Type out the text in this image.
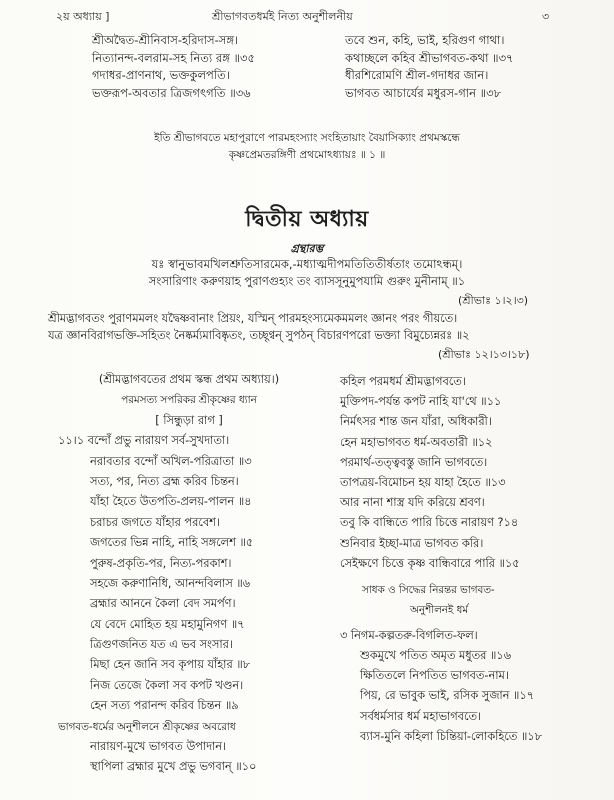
২য় অধ্যায় ]	শ্রীভাগবতধর্মই নিত্য অনুশীলনীয়	৩
শ্রীঅদ্বৈত-শ্রীনিবাস-হরিদাস-সঙ্গ।
নিত্যানন্দ-বলরাম-সহ নিত্য রঙ্গ ॥৩৫
গদাধর-প্রাণনাথ, ভক্তকুলপতি।
ভক্তরূপ-অবতার ত্রিজগৎগতি ॥৩৬
তবে শুন, কহি, ভাই, হরিগুণ গাথা।
কথাচ্ছলে কহিব শ্রীভাগবত-কথা ॥৩৭
ধীরশিরোমণি শ্রীল-গদাধর জান।
ভাগবত আচার্যের মধুরস-গান ॥৩৮
ইতি শ্রীভাগবতে মহাপুরাণে পারমহংস্যাং সংহিতায়াং বৈয়াসিক্যাং প্রথমস্কন্ধে
কৃষ্ণপ্রেমতরঙ্গিণী প্রথমোঽধ্যায়ঃ ॥ ১ ॥
দ্বিতীয় অধ্যায়
গ্রন্থারম্ভ
যঃ স্বানুভাবমখিলশ্রুতিসারমেক,-মধ্যাত্মদীপমতিতিতীর্ষতাং তমোঽন্ধম্।
সংসারিণাং করুণয়াহ পুরাণগুহ্যং তং ব্যাসসূনুমুপযামি গুরুং মুনীনাম্ ॥১
(শ্রীভাঃ ১।২।৩)
শ্রীমদ্ভাগবতং পুরাণমমলং যদ্বৈষ্ণবানাং প্রিয়ং, যস্মিন্ পারমহংস্যমেকমমলং জ্ঞানং পরং গীয়তে।
যত্র জ্ঞানবিরাগভক্তি-সহিতং নৈষ্কর্ম্যমাবিষ্কৃতং, তচ্ছৃণ্বন্ সুপঠন্ বিচারণপরো ভক্ত্যা বিমুচ্যেন্নরঃ ॥২
(শ্রীভাঃ ১২।১৩।১৮)
(শ্রীমদ্ভাগবতের প্রথম স্কন্ধ প্রথম অধ্যায়।)
পরমসত্য সপরিকর শ্রীকৃষ্ণের ধ্যান
[ সিন্ধুড়া রাগ ]
১১।১ বন্দোঁ প্রভু নারায়ণ সর্ব-সুখদাতা।
নরাবতার বন্দোঁ অখিল-পরিত্রাতা ॥৩
সত্য, পর, নিত্য ব্রহ্ম করিব চিন্তন।
যাঁহা হৈতে উতপতি-প্রলয়-পালন ॥৪
চরাচর জগতে যাঁহার পরবেশ।
জগতের ভিন্ন নাহি, নাহি সঙ্গলেশ ॥৫
পুরুষ-প্রকৃতি-পর, নিত্য-পরকাশ।
সহজে করুণানিধি, আনন্দবিলাস ॥৬
ব্রহ্মার আননে কৈলা বেদ সমর্পণ।
যে বেদে মোহিত হয় মহামুনিগণ ॥৭
ত্রিগুণজনিত যত এ ভব সংসার।
মিছা হেন জানি সব কৃপায় যাঁহার ॥৮
নিজ তেজে কৈলা সব কপট খণ্ডন।
হেন সত্য পরানন্দ করিব চিন্তন ॥৯
ভাগবত-ধর্মের অনুশীলনে শ্রীকৃষ্ণের অবরোধ
নারায়ণ-মুখে ভাগবত উপাদান।
স্থাপিলা ব্রহ্মার মুখে প্রভু ভগবান্ ॥১০
কহিল পরমধর্ম শ্রীমদ্ভাগবতে।
মুক্তিপদ-পর্যন্ত কপট নাহি যা'থে ॥১১
নির্মৎসর শান্ত জন যাঁরা, অধিকারী।
হেন মহাভাগবত ধর্ম-অবতারী ॥১২
পরমার্থ-তত্ত্ববস্তু জানি ভাগবতে।
তাপত্রয়-বিমোচন হয় যাহা হৈতে ॥১৩
আর নানা শাস্ত্র যদি করিয়ে শ্রবণ।
তবু কি বান্ধিতে পারি চিত্তে নারায়ণ ?১৪
শুনিবার ইচ্ছা-মাত্র ভাগবত করি।
সেইক্ষণে চিত্তে কৃষ্ণ বান্ধিবারে পারি ॥১৫
সাধক ও সিদ্ধের নিরন্তর ভাগবত-
অনুশীলনই ধর্ম
৩ নিগম-কল্পতরু-বিগলিত-ফল।
শুকমুখে পতিত অমৃত মধুতর ॥১৬
ক্ষিতিতলে নিপতিত ভাগবত-নাম।
পিয়, রে ভাবুক ভাই, রসিক সুজান ॥১৭
সর্বধর্মসার ধর্ম মহাভাগবতে।
ব্যাস-মুনি কহিলা চিন্তিয়া-লোকহিতে ॥১৮
